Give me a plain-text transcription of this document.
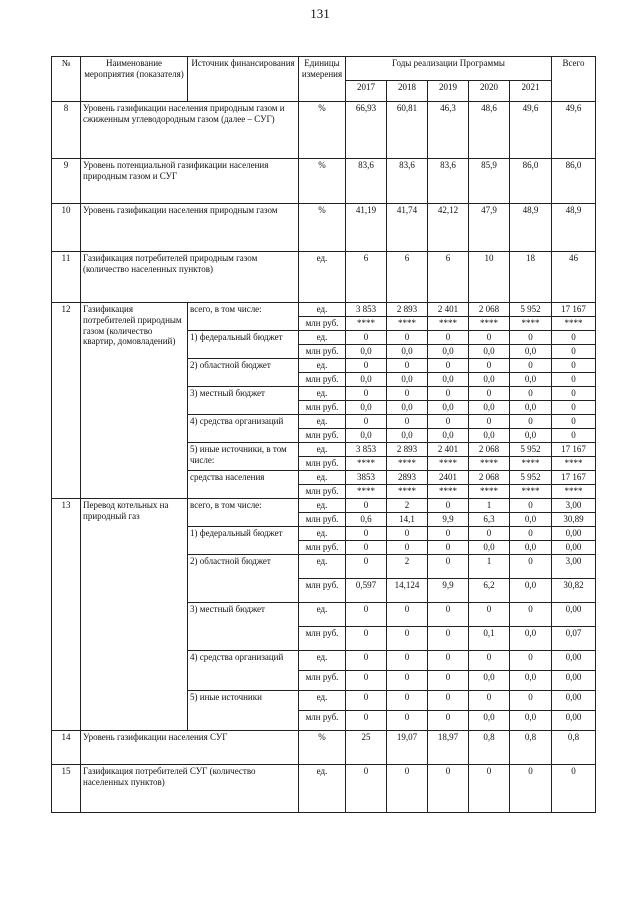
131
№	Наименование мероприятия (показателя)	Источник финансирования	Единицы измерения	Годы реализации Программы					Всего
				2017	2018	2019	2020	2021	
8	Уровень газификации населения природным газом и сжиженным углеводородным газом (далее – СУГ)		%	66,93	60,81	46,3	48,6	49,6	49,6
9	Уровень потенциальной газификации населения природным газом и СУГ		%	83,6	83,6	83,6	85,9	86,0	86,0
10	Уровень газификации населения природным газом		%	41,19	41,74	42,12	47,9	48,9	48,9
11	Газификация потребителей природным газом (количество населенных пунктов)		ед.	6	6	6	10	18	46
12	Газификация потребителей природным газом (количество квартир, домовладений)	всего, в том числе:	ед.	3 853	2 893	2 401	2 068	5 952	17 167
			млн руб.	****	****	****	****	****	****
		1) федеральный бюджет	ед.	0	0	0	0	0	0
			млн руб.	0,0	0,0	0,0	0,0	0,0	0
		2) областной бюджет	ед.	0	0	0	0	0	0
			млн руб.	0,0	0,0	0,0	0,0	0,0	0
		3) местный бюджет	ед.	0	0	0	0	0	0
			млн руб.	0,0	0,0	0,0	0,0	0,0	0
		4) средства организаций	ед.	0	0	0	0	0	0
			млн руб.	0,0	0,0	0,0	0,0	0,0	0
		5) иные источники, в том числе:	ед.	3 853	2 893	2 401	2 068	5 952	17 167
			млн руб.	****	****	****	****	****	****
		средства населения	ед.	3853	2893	2401	2 068	5 952	17 167
			млн руб.	****	****	****	****	****	****
13	Перевод котельных на природный газ	всего, в том числе:	ед.	0	2	0	1	0	3,00
			млн руб.	0,6	14,1	9,9	6,3	0,0	30,89
		1) федеральный бюджет	ед.	0	0	0	0	0	0,00
			млн руб.	0	0	0	0,0	0,0	0,00
		2) областной бюджет	ед.	0	2	0	1	0	3,00
			млн руб.	0,597	14,124	9,9	6,2	0,0	30,82
		3) местный бюджет	ед.	0	0	0	0	0	0,00
			млн руб.	0	0	0	0,1	0,0	0,07
		4) средства организаций	ед.	0	0	0	0	0	0,00
			млн руб.	0	0	0	0,0	0,0	0,00
		5) иные источники	ед.	0	0	0	0	0	0,00
			млн руб.	0	0	0	0,0	0,0	0,00
14	Уровень газификации населения СУГ		%	25	19,07	18,97	0,8	0,8	0,8
15	Газификация потребителей СУГ (количество населенных пунктов)		ед.	0	0	0	0	0	0
